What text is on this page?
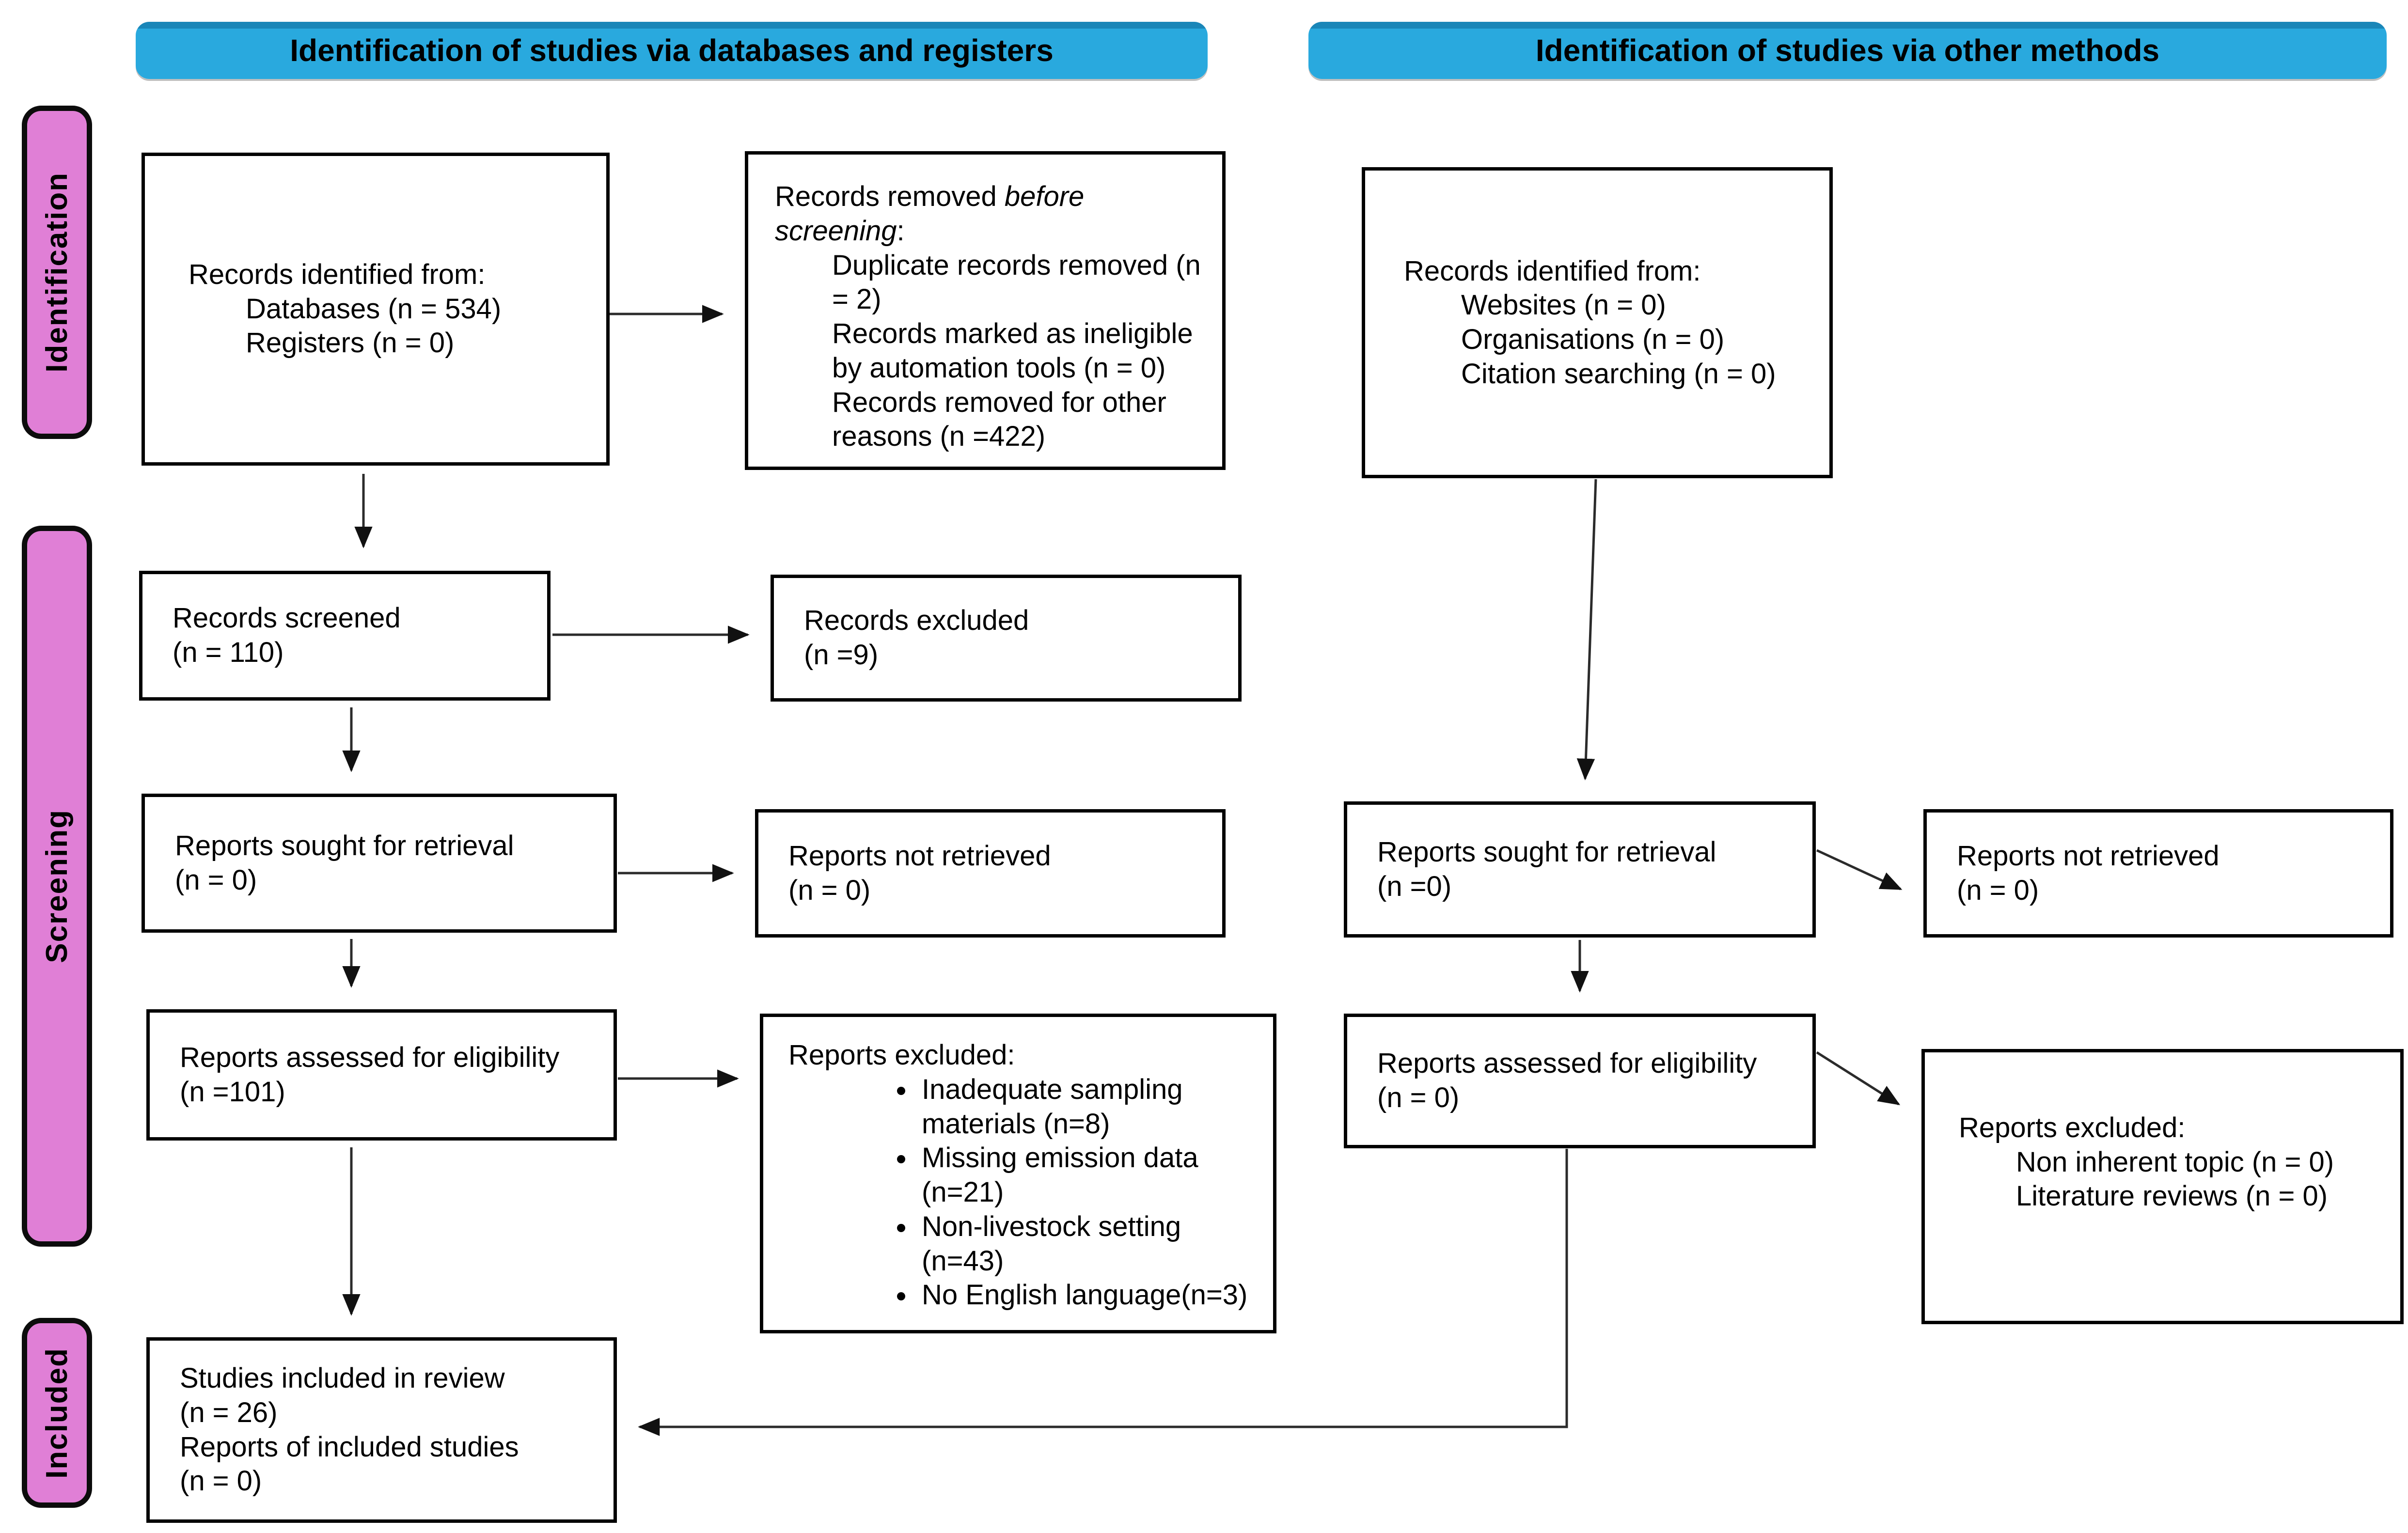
Identification of studies via databases and registers	Identification of studies via other methods
Identification
Screening
Included
Records identified from:
Databases (n = 534)
Registers (n = 0)
Records removed before screening:
Duplicate records removed (n = 2)
Records marked as ineligible by automation tools (n = 0)
Records removed for other reasons (n =422)
Records identified from:
Websites (n = 0)
Organisations (n = 0)
Citation searching (n = 0)
Records screened
(n = 110)
Records excluded
(n =9)
Reports sought for retrieval
(n = 0)
Reports not retrieved
(n = 0)
Reports sought for retrieval
(n =0)
Reports not retrieved
(n = 0)
Reports assessed for eligibility
(n =101)
Reports excluded:
• Inadequate sampling materials (n=8)
• Missing emission data (n=21)
• Non-livestock setting (n=43)
• No English language(n=3)
Reports assessed for eligibility
(n = 0)
Reports excluded:
Non inherent topic (n = 0)
Literature reviews (n = 0)
Studies included in review
(n = 26)
Reports of included studies
(n = 0)
